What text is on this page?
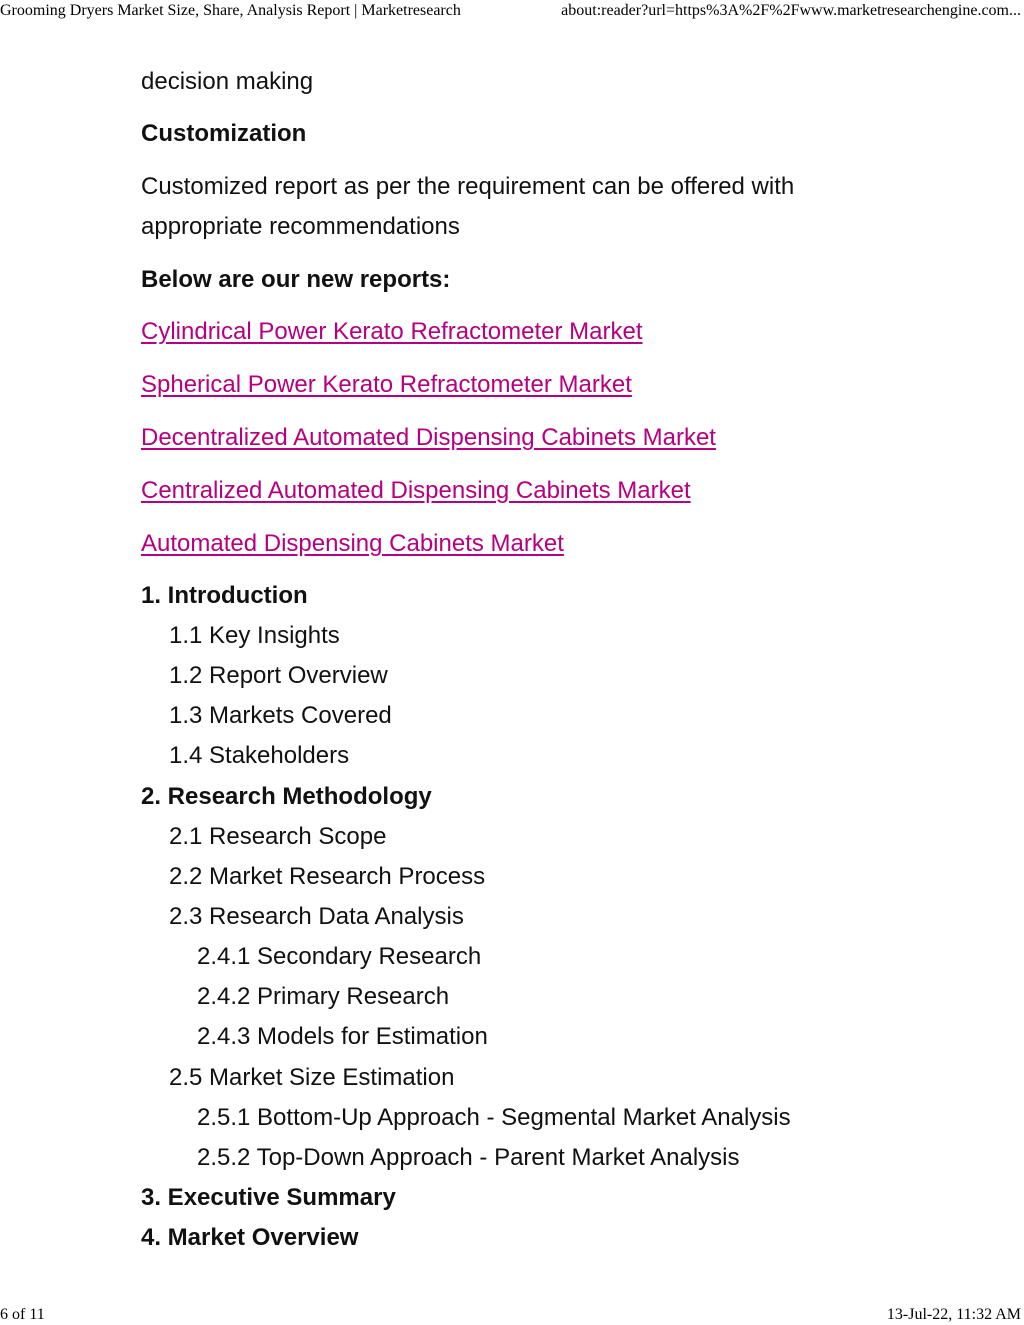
Grooming Dryers Market Size, Share, Analysis Report | Marketresearch	about:reader?url=https%3A%2F%2Fwww.marketresearchengine.com...

decision making

Customization

Customized report as per the requirement can be offered with

appropriate recommendations

Below are our new reports:

Cylindrical Power Kerato Refractometer Market

Spherical Power Kerato Refractometer Market

Decentralized Automated Dispensing Cabinets Market

Centralized Automated Dispensing Cabinets Market

Automated Dispensing Cabinets Market

1. Introduction
1.1 Key Insights
1.2 Report Overview
1.3 Markets Covered
1.4 Stakeholders
2. Research Methodology
2.1 Research Scope
2.2 Market Research Process
2.3 Research Data Analysis
2.4.1 Secondary Research
2.4.2 Primary Research
2.4.3 Models for Estimation
2.5 Market Size Estimation
2.5.1 Bottom-Up Approach - Segmental Market Analysis
2.5.2 Top-Down Approach - Parent Market Analysis
3. Executive Summary
4. Market Overview
6 of 11	13-Jul-22, 11:32 AM
